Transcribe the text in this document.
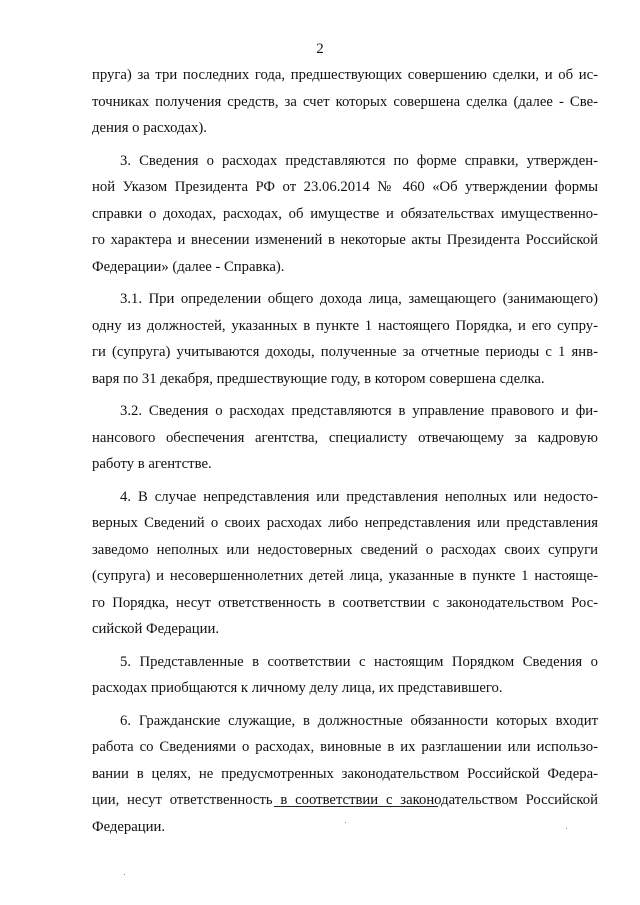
2
пруга) за три последних года, предшествующих совершению сделки, и об ис-
точниках получения средств, за счет которых совершена сделка (далее - Све-
дения о расходах).
3. Сведения о расходах представляются по форме справки, утвержден-
ной Указом Президента РФ от 23.06.2014 № 460 «Об утверждении формы
справки о доходах, расходах, об имуществе и обязательствах имущественно-
го характера и внесении изменений в некоторые акты Президента Российской
Федерации» (далее - Справка).
3.1. При определении общего дохода лица, замещающего (занимающего)
одну из должностей, указанных в пункте 1 настоящего Порядка, и его супру-
ги (супруга) учитываются доходы, полученные за отчетные периоды с 1 янв-
варя по 31 декабря, предшествующие году, в котором совершена сделка.
3.2. Сведения о расходах представляются в управление правового и фи-
нансового обеспечения агентства, специалисту отвечающему за кадровую
работу в агентстве.
4. В случае непредставления или представления неполных или недосто-
верных Сведений о своих расходах либо непредставления или представления
заведомо неполных или недостоверных сведений о расходах своих супруги
(супруга) и несовершеннолетних детей лица, указанные в пункте 1 настояще-
го Порядка, несут ответственность в соответствии с законодательством Рос-
сийской Федерации.
5. Представленные в соответствии с настоящим Порядком Сведения о
расходах приобщаются к личному делу лица, их представившего.
6. Гражданские служащие, в должностные обязанности которых входит
работа со Сведениями о расходах, виновные в их разглашении или использо-
вании в целях, не предусмотренных законодательством Российской Федера-
ции, несут ответственность в соответствии с законодательством Российской
Федерации.
